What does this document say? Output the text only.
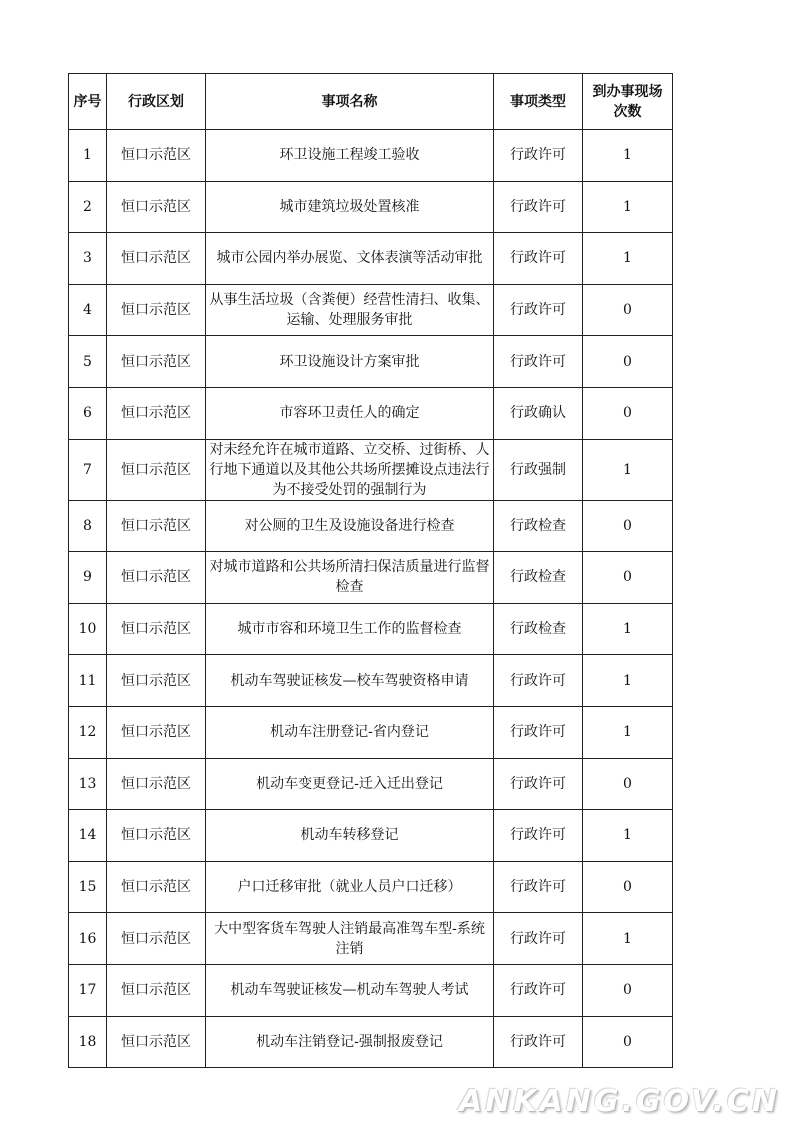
序号	行政区划	事项名称	事项类型	到办事现场次数
1	恒口示范区	环卫设施工程竣工验收	行政许可	1
2	恒口示范区	城市建筑垃圾处置核准	行政许可	1
3	恒口示范区	城市公园内举办展览、文体表演等活动审批	行政许可	1
4	恒口示范区	从事生活垃圾（含粪便）经营性清扫、收集、运输、处理服务审批	行政许可	0
5	恒口示范区	环卫设施设计方案审批	行政许可	0
6	恒口示范区	市容环卫责任人的确定	行政确认	0
7	恒口示范区	对未经允许在城市道路、立交桥、过街桥、人行地下通道以及其他公共场所摆摊设点违法行为不接受处罚的强制行为	行政强制	1
8	恒口示范区	对公厕的卫生及设施设备进行检查	行政检查	0
9	恒口示范区	对城市道路和公共场所清扫保洁质量进行监督检查	行政检查	0
10	恒口示范区	城市市容和环境卫生工作的监督检查	行政检查	1
11	恒口示范区	机动车驾驶证核发—校车驾驶资格申请	行政许可	1
12	恒口示范区	机动车注册登记-省内登记	行政许可	1
13	恒口示范区	机动车变更登记-迁入迁出登记	行政许可	0
14	恒口示范区	机动车转移登记	行政许可	1
15	恒口示范区	户口迁移审批（就业人员户口迁移）	行政许可	0
16	恒口示范区	大中型客货车驾驶人注销最高准驾车型-系统注销	行政许可	1
17	恒口示范区	机动车驾驶证核发—机动车驾驶人考试	行政许可	0
18	恒口示范区	机动车注销登记-强制报废登记	行政许可	0
ANKANG.GOV.CN
